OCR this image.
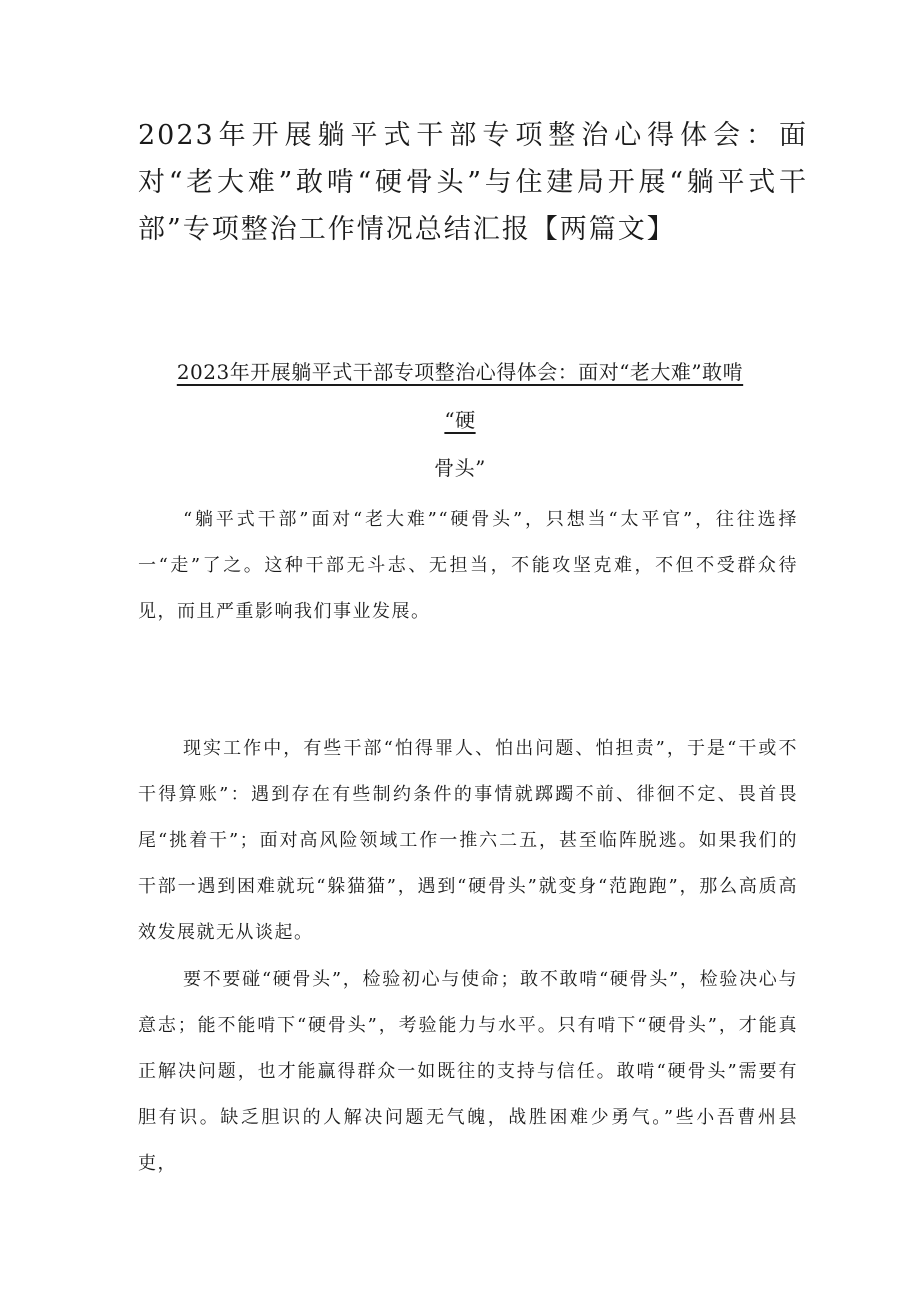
2023年开展躺平式干部专项整治心得体会：面对“老大难”敢啃“硬骨头”与住建局开展“躺平式干部”专项整治工作情况总结汇报【两篇文】
2023年开展躺平式干部专项整治心得体会：面对“老大难”敢啃
“硬
骨头”

“躺平式干部”面对“老大难”“硬骨头”，只想当“太平官”，往往选择一“走”了之。这种干部无斗志、无担当，不能攻坚克难，不但不受群众待见，而且严重影响我们事业发展。

现实工作中，有些干部“怕得罪人、怕出问题、怕担责”，于是“干或不干得算账”：遇到存在有些制约条件的事情就踯躅不前、徘徊不定、畏首畏尾“挑着干”；面对高风险领域工作一推六二五，甚至临阵脱逃。如果我们的干部一遇到困难就玩“躲猫猫”，遇到“硬骨头”就变身“范跑跑”，那么高质高效发展就无从谈起。

要不要碰“硬骨头”，检验初心与使命；敢不敢啃“硬骨头”，检验决心与意志；能不能啃下“硬骨头”，考验能力与水平。只有啃下“硬骨头”，才能真正解决问题，也才能赢得群众一如既往的支持与信任。敢啃“硬骨头”需要有胆有识。缺乏胆识的人解决问题无气魄，战胜困难少勇气。”些小吾曹州县吏，
